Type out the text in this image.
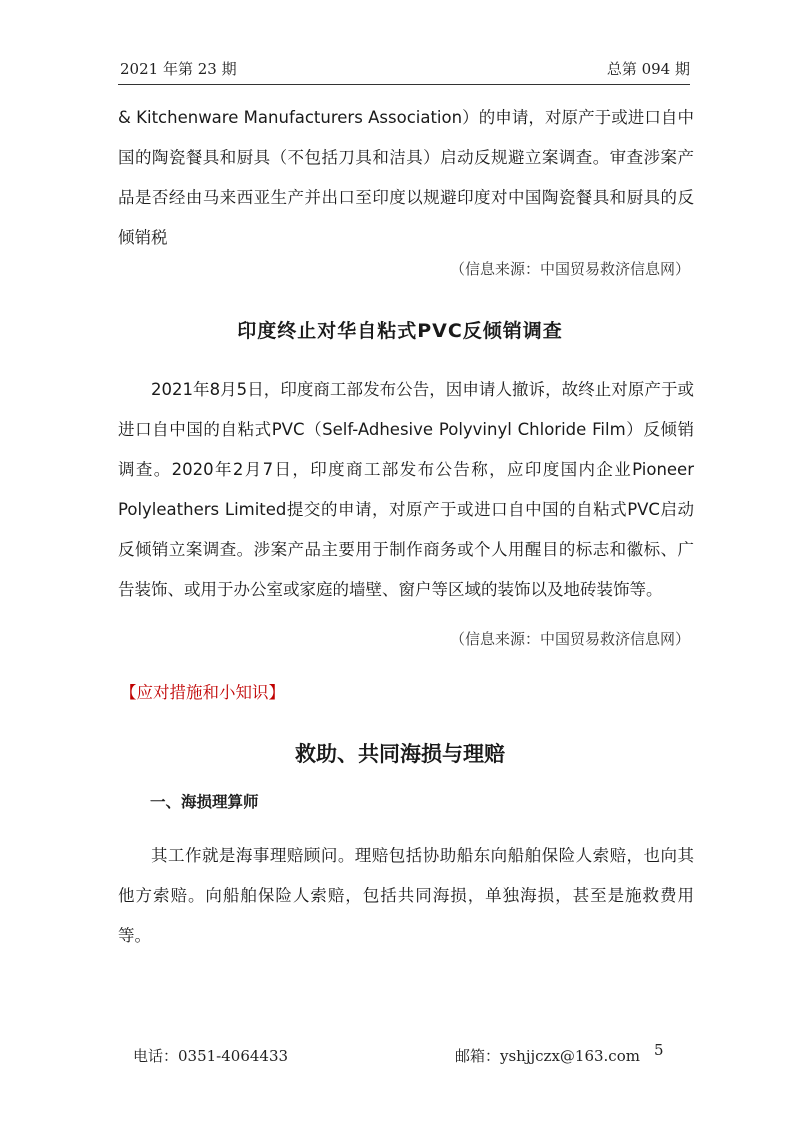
2021 年第 23 期	总第 094 期

& Kitchenware Manufacturers Association）的申请，对原产于或进口自中国的陶瓷餐具和厨具（不包括刀具和洁具）启动反规避立案调查。审查涉案产品是否经由马来西亚生产并出口至印度以规避印度对中国陶瓷餐具和厨具的反倾销税

（信息来源：中国贸易救济信息网）
印度终止对华自粘式PVC反倾销调查

2021年8月5日，印度商工部发布公告，因申请人撤诉，故终止对原产于或进口自中国的自粘式PVC（Self-Adhesive Polyvinyl Chloride Film）反倾销调查。2020年2月7日，印度商工部发布公告称，应印度国内企业Pioneer Polyleathers Limited提交的申请，对原产于或进口自中国的自粘式PVC启动反倾销立案调查。涉案产品主要用于制作商务或个人用醒目的标志和徽标、广告装饰、或用于办公室或家庭的墙壁、窗户等区域的装饰以及地砖装饰等。

（信息来源：中国贸易救济信息网）
【应对措施和小知识】
救助、共同海损与理赔
一、海损理算师

其工作就是海事理赔顾问。理赔包括协助船东向船舶保险人索赔，也向其他方索赔。向船舶保险人索赔，包括共同海损，单独海损，甚至是施救费用等。

电话：0351-4064433	邮箱：yshjjczx@163.com 5
